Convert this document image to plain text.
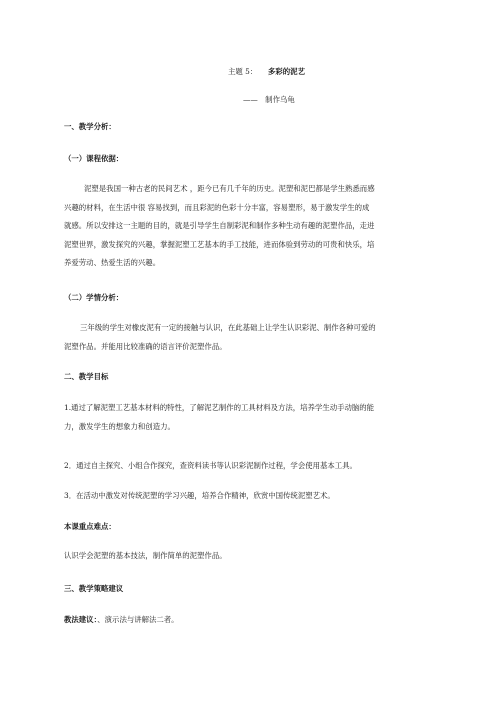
主题 5： 多彩的泥艺
——　制作乌龟
一、教学分析：
（一）课程依据：

泥塑是我国一种古老的民间艺术 ，距今已有几千年的历史。泥塑和泥巴都是学生熟悉而感

兴趣的材料，在生活中很 容易找到，而且彩泥的色彩十分丰富，容易塑形，易于激发学生的成

就感。所以安排这一主题的目的，就是引导学生自制彩泥和制作多种生动有趣的泥塑作品，走进

泥塑世界，激发探究的兴趣，掌握泥塑工艺基本的手工技能，进而体验到劳动的可贵和快乐，培

养爱劳动、热爱生活的兴趣。

（二）学情分析：

三年级的学生对橡皮泥有一定的接触与认识，在此基础上让学生认识彩泥、制作各种可爱的

泥塑作品。并能用比较准确的语言评价泥塑作品。

二、教学目标

1.通过了解泥塑工艺基本材料的特性，了解泥艺制作的工具材料及方法，培养学生动手动脑的能

力，激发学生的想象力和创造力。

2．通过自主探究、小组合作探究，查资料读书等认识彩泥制作过程，学会使用基本工具。
3．在活动中激发对传统泥塑的学习兴趣，培养合作精神，欣赏中国传统泥塑艺术。
本课重点难点：
认识学会泥塑的基本技法，制作简单的泥塑作品。
三、教学策略建议
教法建议：、演示法与讲解法二者。
